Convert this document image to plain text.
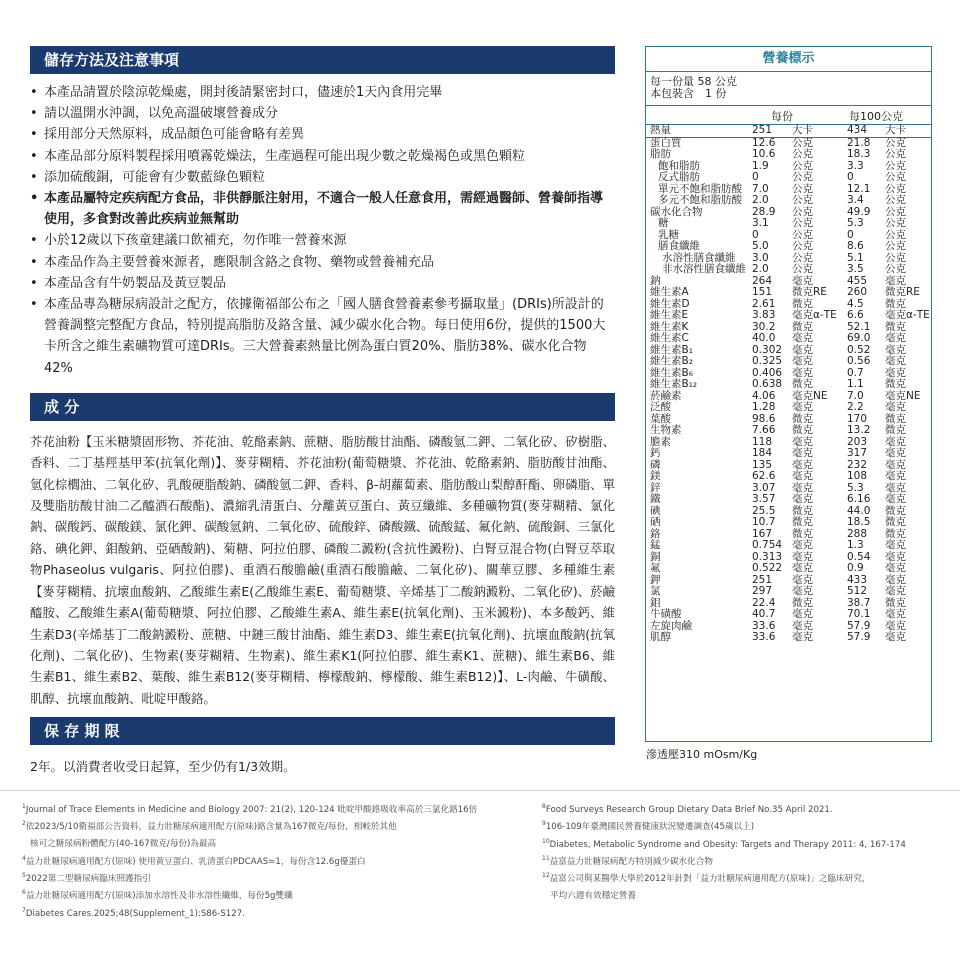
儲存方法及注意事項
• 本產品請置於陰涼乾燥處，開封後請緊密封口，儘速於1天內食用完畢
• 請以溫開水沖調，以免高溫破壞營養成分
• 採用部分天然原料，成品顏色可能會略有差異
• 本產品部分原料製程採用噴霧乾燥法，生產過程可能出現少數之乾燥褐色或黑色顆粒
• 添加硫酸銅，可能會有少數藍綠色顆粒
• 本產品屬特定疾病配方食品，非供靜脈注射用，不適合一般人任意食用，需經過醫師、營養師指導使用，多食對改善此疾病並無幫助
• 小於12歲以下孩童建議口飲補充，勿作唯一營養來源
• 本產品作為主要營養來源者，應限制含鉻之食物、藥物或營養補充品
• 本產品含有牛奶製品及黃豆製品
• 本產品專為糖尿病設計之配方，依據衛福部公布之「國人膳食營養素參考攝取量」(DRIs)所設計的營養調整完整配方食品，特別提高脂肪及鉻含量、減少碳水化合物。每日使用6份，提供的1500大卡所含之維生素礦物質可達DRIs。三大營養素熱量比例為蛋白質20%、脂肪38%、碳水化合物42%
成 分
芥花油粉【玉米糖漿固形物、芥花油、乾酪素鈉、蔗糖、脂肪酸甘油酯、磷酸氫二鉀、二氧化矽、矽樹脂、香料、二丁基羥基甲苯(抗氧化劑)】、麥芽糊精、芥花油粉(葡萄糖漿、芥花油、乾酪素鈉、脂肪酸甘油酯、氫化棕櫚油、二氧化矽、乳酸硬脂酸鈉、磷酸氫二鉀、香料、β-胡蘿蔔素、脂肪酸山梨醇酐酯、卵磷脂、單及雙脂肪酸甘油二乙醯酒石酸酯)、濃縮乳清蛋白、分離黃豆蛋白、黃豆纖維、多種礦物質(麥芽糊精、氯化鈉、碳酸鈣、碳酸鎂、氯化鉀、碳酸氫鈉、二氧化矽、硫酸鋅、磷酸鐵、硫酸錳、氟化鈉、硫酸銅、三氯化鉻、碘化鉀、鉬酸鈉、亞硒酸鈉)、菊糖、阿拉伯膠、磷酸二澱粉(含抗性澱粉)、白腎豆混合物(白腎豆萃取物Phaseolus vulgaris、阿拉伯膠)、重酒石酸膽鹼(重酒石酸膽鹼、二氧化矽)、關華豆膠、多種維生素【麥芽糊精、抗壞血酸鈉、乙酸維生素E(乙酸維生素E、葡萄糖漿、辛烯基丁二酸鈉澱粉、二氧化矽)、菸鹼醯胺、乙酸維生素A(葡萄糖漿、阿拉伯膠、乙酸維生素A、維生素E(抗氧化劑)、玉米澱粉)、本多酸鈣、維生素D3(辛烯基丁二酸鈉澱粉、蔗糖、中鏈三酸甘油酯、維生素D3、維生素E(抗氧化劑)、抗壞血酸鈉(抗氧化劑)、二氧化矽)、生物素(麥芽糊精、生物素)、維生素K1(阿拉伯膠、維生素K1、蔗糖)、維生素B6、維生素B1、維生素B2、葉酸、維生素B12(麥芽糊精、檸檬酸鈉、檸檬酸、維生素B12)】、L-肉鹼、牛磺酸、肌醇、抗壞血酸鈉、吡啶甲酸鉻。
保 存 期 限
2年。以消費者收受日起算，至少仍有1/3效期。
營養標示
每一份量 58 公克
本包裝含　1 份
每份	每100公克
熱量	251 大卡	434 大卡
蛋白質	12.6 公克	21.8 公克
脂肪	10.6 公克	18.3 公克
飽和脂肪	1.9 公克	3.3 公克
反式脂肪	0	公克	0	公克
單元不飽和脂肪酸 7.0 公克	12.1 公克
多元不飽和脂肪酸 2.0 公克	3.4 公克
碳水化合物	28.9 公克	49.9 公克
糖	3.1 公克	5.3 公克
乳糖	0	公克	0	公克
膳食纖維	5.0 公克	8.6 公克
水溶性膳食纖維 3.0 公克	5.1 公克
非水溶性膳食纖維 2.0 公克	3.5 公克
鈉	264 毫克	455 毫克
維生素A	151 微克RE 260 微克RE
維生素D	2.61 微克	4.5 微克
維生素E	3.83 毫克α-TE 6.6 毫克α-TE
維生素K	30.2 微克	52.1 微克
維生素C	40.0 毫克	69.0 毫克
維生素B₁	0.302 毫克	0.52 毫克
維生素B₂	0.325 毫克	0.56 毫克
維生素B₆	0.406 毫克	0.7 毫克
維生素B₁₂	0.638 微克	1.1 微克
菸鹼素	4.06 毫克NE 7.0 毫克NE
泛酸	1.28 毫克	2.2 毫克
葉酸	98.6 微克	170 微克
生物素	7.66 微克	13.2 微克
膽素	118 毫克	203 毫克
鈣	184 毫克	317 毫克
磷	135 毫克	232 毫克
鎂	62.6 毫克	108 毫克
鋅	3.07 毫克	5.3 毫克
鐵	3.57 毫克	6.16 毫克
碘	25.5 微克	44.0 微克
硒	10.7 微克	18.5 微克
鉻	167 微克	288 微克
錳	0.754 毫克	1.3 毫克
銅	0.313 毫克	0.54 毫克
氟	0.522 毫克	0.9 毫克
鉀	251 毫克	433 毫克
氯	297 毫克	512 毫克
鉬	22.4 微克	38.7 微克
牛磺酸	40.7 毫克	70.1 毫克
左旋肉鹼	33.6 毫克	57.9 毫克
肌醇	33.6 毫克	57.9 毫克
滲透壓310 mOsm/Kg
$^1$Journal of Trace Elements in Medicine and Biology 2007: 21(2), 120-124 吡啶甲酸鉻吸收率高於三氯化鉻16倍
$^2$依2023/5/10衛福部公告資料，益力壯糖尿病適用配方(原味)鉻含量為167微克/每份，相較於其他
核可之糖尿病粉體配方(40-167微克/每份)為最高
$^4$益力壯糖尿病適用配方(原味) 使用黃豆蛋白、乳清蛋白PDCAAS=1，每份含12.6g優蛋白
$^5$2022第二型糖尿病臨床照護指引
$^6$益力壯糖尿病適用配方(原味)添加水溶性及非水溶性纖維，每份5g雙纖
$^7$Diabetes Cares.2025;48(Supplement_1):S86-S127.
$^8$Food Surveys Research Group Dietary Data Brief No.35 April 2021.
$^9$106-109年臺灣國民營養健康狀況變遷調查(45歲以上)
$^{10}$Diabetes, Metabolic Syndrome and Obesity: Targets and Therapy 2011: 4, 167-174
$^{11}$益富益力壯糖尿病配方特別減少碳水化合物
$^{12}$益富公司與某醫學大學於2012年針對「益力壯糖尿病適用配方(原味)」之臨床研究，
平均六週有效穩定營養
